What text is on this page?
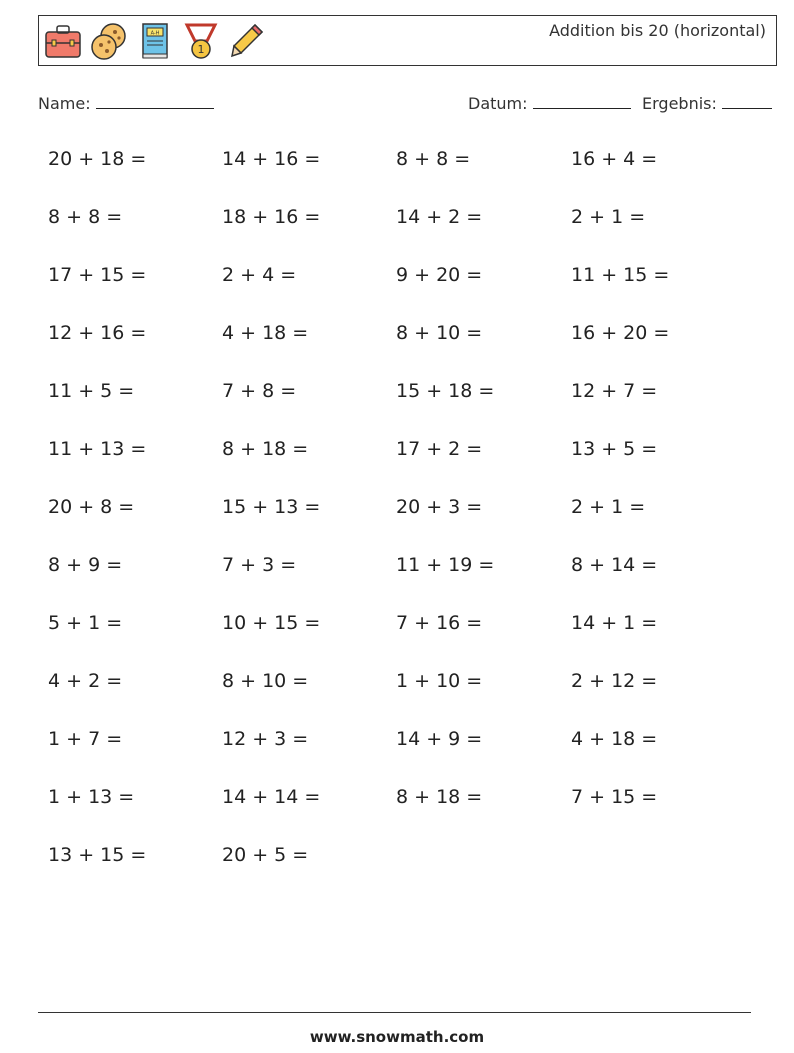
A-H
1
Addition bis 20 (horizontal)
Name:	Datum:	Ergebnis:
20 + 18 =	14 + 16 =	8 + 8 =	16 + 4 =
8 + 8 =	18 + 16 =	14 + 2 =	2 + 1 =
17 + 15 =	2 + 4 =	9 + 20 =	11 + 15 =
12 + 16 =	4 + 18 =	8 + 10 =	16 + 20 =
11 + 5 =	7 + 8 =	15 + 18 =	12 + 7 =
11 + 13 =	8 + 18 =	17 + 2 =	13 + 5 =
20 + 8 =	15 + 13 =	20 + 3 =	2 + 1 =
8 + 9 =	7 + 3 =	11 + 19 =	8 + 14 =
5 + 1 =	10 + 15 =	7 + 16 =	14 + 1 =
4 + 2 =	8 + 10 =	1 + 10 =	2 + 12 =
1 + 7 =	12 + 3 =	14 + 9 =	4 + 18 =
1 + 13 =	14 + 14 =	8 + 18 =	7 + 15 =
13 + 15 =	20 + 5 =
www.snowmath.com
